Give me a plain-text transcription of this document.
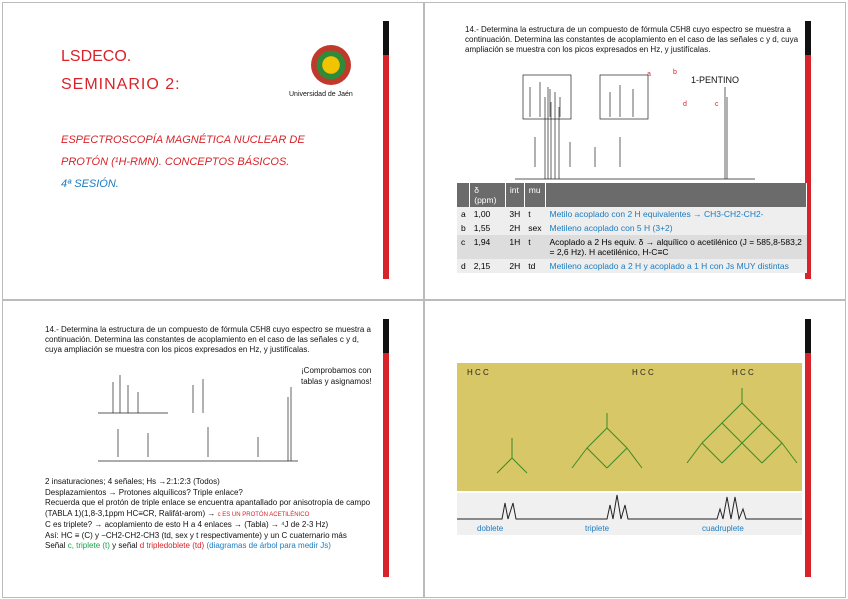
LSDECO.
SEMINARIO 2:
Universidad de Jaén
ESPECTROSCOPÍA MAGNÉTICA NUCLEAR DE
PROTÓN (¹H-RMN). CONCEPTOS BÁSICOS.
4ª SESIÓN.
14.- Determina la estructura de un compuesto de fórmula C5H8 cuyo espectro se muestra a continuación. Determina las constantes de acoplamiento en el caso de las señales c y d, cuya ampliación se muestra con los picos expresados en Hz, y justifícalas.
1-PENTINO
a	b
c
d
	δ (ppm)	int	mu	
a	1,00	3H	t	Metilo acoplado con 2 H equivalentes → CH3-CH2-CH2-
b	1,55	2H	sex	Metileno acoplado con 5 H (3+2)
c	1,94	1H	t	Acoplado a 2 Hs equiv. δ → alquílico o acetilénico (J = 585,8-583,2 = 2,6 Hz). H acetilénico, H-C≡C
d	2,15	2H	td	Metileno acoplado a 2 H y acoplado a 1 H con Js MUY distintas
14.- Determina la estructura de un compuesto de fórmula C5H8 cuyo espectro se muestra a continuación. Determina las constantes de acoplamiento en el caso de las señales c y d, cuya ampliación se muestra con los picos expresados en Hz, y justifícalas.
¡Comprobamos con tablas y asignamos!
2 insaturaciones; 4 señales; Hs →2:1:2:3 (Todos)
Desplazamientos → Protones alquílicos? Triple enlace?
Recuerda que el protón de triple enlace se encuentra apantallado por anisotropía de campo (TABLA 1)(1,8-3,1ppm HC≡CR, Ralifát-arom) → c ES UN PROTÓN ACETILÉNICO
C es triplete? → acoplamiento de esto H a 4 enlaces → (Tabla) → ⁴J de 2-3 Hz)
Así: HC ≡ (C) y −CH2-CH2-CH3 (td, sex y t respectivamente) y un C cuaternario más
Señal c, triplete (t) y señal d tripledoblete (td) (diagramas de árbol para medir Js)
H C C	H C C	H C C
doblete	triplete	cuadruplete
